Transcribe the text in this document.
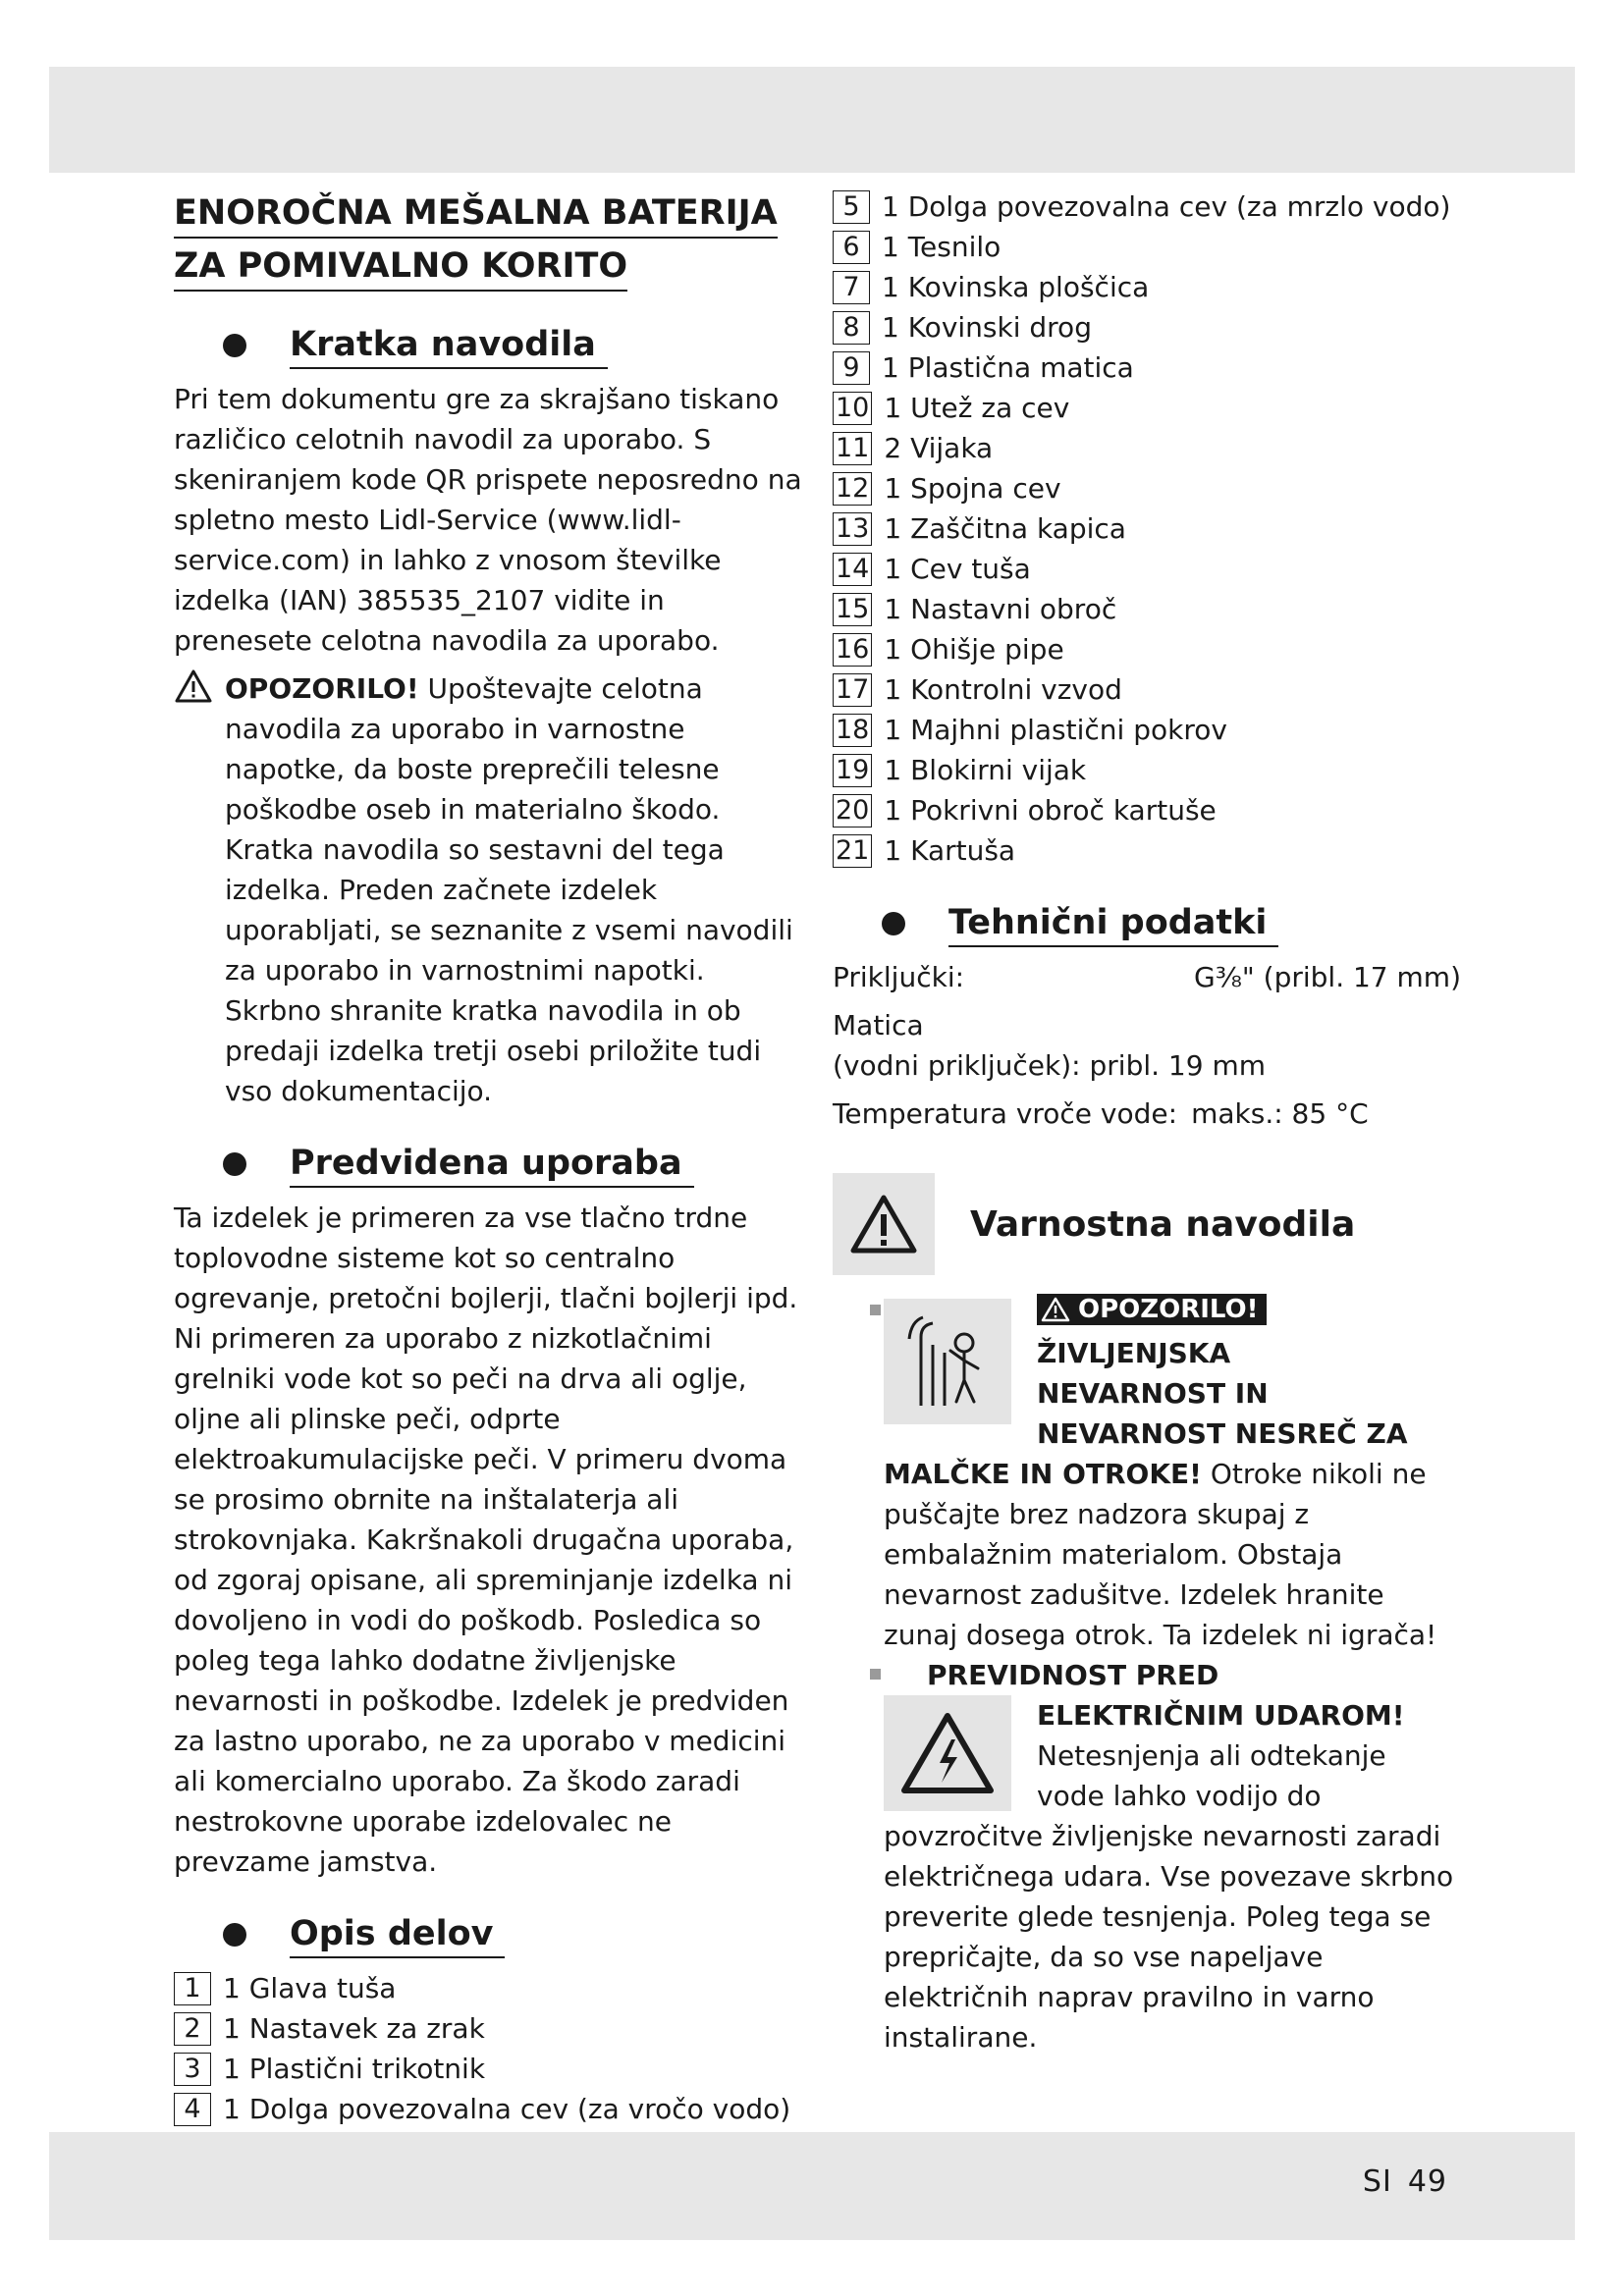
ENOROČNA MEŠALNA BATERIJA
ZA POMIVALNO KORITO
Kratka navodila

Pri tem dokumentu gre za skrajšano tiskano različico celotnih navodil za uporabo. S skeniranjem kode QR prispete neposredno na spletno mesto Lidl-Service (www.lidl-service.com) in lahko z vnosom številke izdelka (IAN) 385535_2107 vidite in prenesete celotna navodila za uporabo.

OPOZORILO! Upoštevajte celotna navodila za uporabo in varnostne napotke, da boste preprečili telesne poškodbe oseb in materialno škodo. Kratka navodila so sestavni del tega izdelka. Preden začnete izdelek uporabljati, se seznanite z vsemi navodili za uporabo in varnostnimi napotki. Skrbno shranite kratka navodila in ob predaji izdelka tretji osebi priložite tudi vso dokumentacijo.

Predvidena uporaba

Ta izdelek je primeren za vse tlačno trdne toplovodne sisteme kot so centralno ogrevanje, pretočni bojlerji, tlačni bojlerji ipd. Ni primeren za uporabo z nizkotlačnimi grelniki vode kot so peči na drva ali oglje, oljne ali plinske peči, odprte elektroakumulacijske peči. V primeru dvoma se prosimo obrnite na inštalaterja ali strokovnjaka. Kakršnakoli drugačna uporaba, od zgoraj opisane, ali spreminjanje izdelka ni dovoljeno in vodi do poškodb. Posledica so poleg tega lahko dodatne življenjske nevarnosti in poškodbe. Izdelek je predviden za lastno uporabo, ne za uporabo v medicini ali komercialno uporabo. Za škodo zaradi nestrokovne uporabe izdelovalec ne prevzame jamstva.

Opis delov
1 1 Glava tuša
2 1 Nastavek za zrak
3 1 Plastični trikotnik
4 1 Dolga povezovalna cev (za vročo vodo)
5 1 Dolga povezovalna cev (za mrzlo vodo)
6 1 Tesnilo
7 1 Kovinska ploščica
8 1 Kovinski drog
9 1 Plastična matica
10 1 Utež za cev
11 2 Vijaka
12 1 Spojna cev
13 1 Zaščitna kapica
14 1 Cev tuša
15 1 Nastavni obroč
16 1 Ohišje pipe
17 1 Kontrolni vzvod
18 1 Majhni plastični pokrov
19 1 Blokirni vijak
20 1 Pokrivni obroč kartuše
21 1 Kartuša
Tehnični podatki
Priključki:	G⅜" (pribl. 17 mm)
Matica
(vodni priključek): pribl. 19 mm
Temperatura vroče vode: maks.: 85 °C
Varnostna navodila
OPOZORILO!
ŽIVLJENJSKA
NEVARNOST IN
NEVARNOST NESREČ ZA

MALČKE IN OTROKE! Otroke nikoli ne puščajte brez nadzora skupaj z embalažnim materialom. Obstaja nevarnost zadušitve. Izdelek hranite zunaj dosega otrok. Ta izdelek ni igrača!

PREVIDNOST PRED
ELEKTRIČNIM UDAROM!

Netesnjenja ali odtekanje vode lahko vodijo do povzročitve življenjske nevarnosti zaradi električnega udara. Vse povezave skrbno preverite glede tesnjenja. Poleg tega se prepričajte, da so vse napeljave električnih naprav pravilno in varno instalirane.

SI 49
